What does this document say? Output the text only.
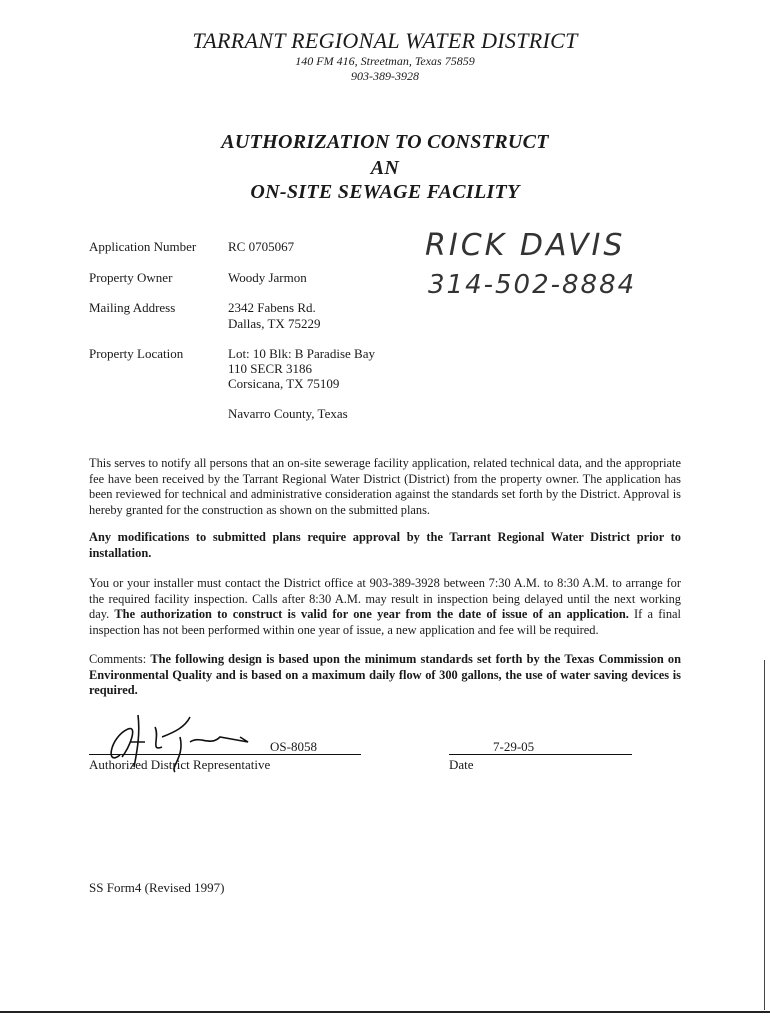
TARRANT REGIONAL WATER DISTRICT
140 FM 416, Streetman, Texas 75859
903-389-3928
AUTHORIZATION TO CONSTRUCT
AN
ON-SITE SEWAGE FACILITY
Application Number RC 0705067
Property Owner	Woody Jarmon
Mailing Address	2342 Fabens Rd.
Dallas, TX 75229
Property Location	Lot: 10 Blk: B Paradise Bay
110 SECR 3186
Corsicana, TX 75109
Navarro County, Texas
RICK DAVIS
314-502-8884
This serves to notify all persons that an on-site sewerage facility application, related technical data, and the appropriate fee have been received by the Tarrant Regional Water District (District) from the property owner. The application has been reviewed for technical and administrative consideration against the standards set forth by the District. Approval is hereby granted for the construction as shown on the submitted plans.
Any modifications to submitted plans require approval by the Tarrant Regional Water District prior to installation.
You or your installer must contact the District office at 903-389-3928 between 7:30 A.M. to 8:30 A.M. to arrange for the required facility inspection. Calls after 8:30 A.M. may result in inspection being delayed until the next working day. The authorization to construct is valid for one year from the date of issue of an application. If a final inspection has not been performed within one year of issue, a new application and fee will be required.
Comments: The following design is based upon the minimum standards set forth by the Texas Commission on Environmental Quality and is based on a maximum daily flow of 300 gallons, the use of water saving devices is required.
OS-8058
Authorized District Representative
7-29-05
Date
SS Form4 (Revised 1997)
